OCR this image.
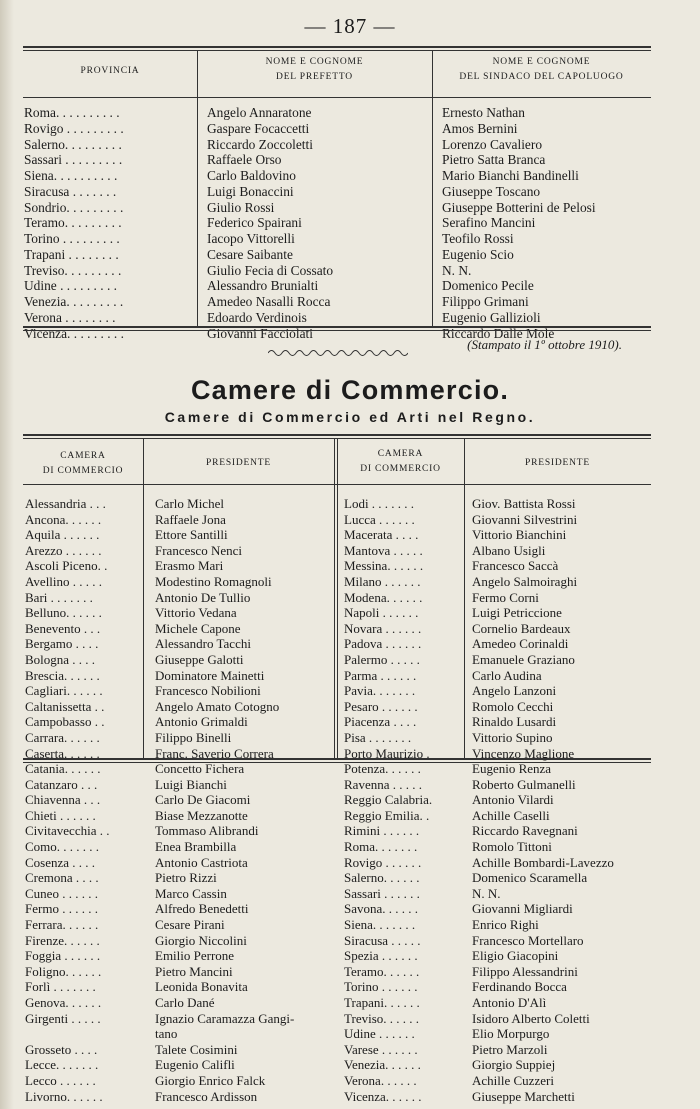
— 187 —
PROVINCIA
NOME E COGNOME
DEL PREFETTO
NOME E COGNOME
DEL SINDACO DEL CAPOLUOGO
Roma. . . . . . . . . .
Rovigo . . . . . . . . .
Salerno. . . . . . . . .
Sassari . . . . . . . . .
Siena. . . . . . . . . .
Siracusa . . . . . . .
Sondrio. . . . . . . . .
Teramo. . . . . . . . .
Torino . . . . . . . . .
Trapani . . . . . . . .
Treviso. . . . . . . . .
Udine . . . . . . . . .
Venezia. . . . . . . . .
Verona . . . . . . . .
Vicenza. . . . . . . . .
Angelo Annaratone
Gaspare Focaccetti
Riccardo Zoccoletti
Raffaele Orso
Carlo Baldovino
Luigi Bonaccini
Giulio Rossi
Federico Spairani
Iacopo Vittorelli
Cesare Saibante
Giulio Fecia di Cossato
Alessandro Brunialti
Amedeo Nasalli Rocca
Edoardo Verdinois
Giovanni Facciolati
Ernesto Nathan
Amos Bernini
Lorenzo Cavaliero
Pietro Satta Branca
Mario Bianchi Bandinelli
Giuseppe Toscano
Giuseppe Botterini de Pelosi
Serafino Mancini
Teofilo Rossi
Eugenio Scio
N. N.
Domenico Pecile
Filippo Grimani
Eugenio Gallizioli
Riccardo Dalle Mole
(Stampato il 1º ottobre 1910).
Camere di Commercio.
Camere di Commercio ed Arti nel Regno.
CAMERA
DI COMMERCIO
PRESIDENTE
CAMERA
DI COMMERCIO
PRESIDENTE
Alessandria . . .
Ancona. . . . . .
Aquila . . . . . .
Arezzo . . . . . .
Ascoli Piceno. .
Avellino . . . . .
Bari . . . . . . .
Belluno. . . . . .
Benevento . . .
Bergamo . . . .
Bologna . . . .
Brescia. . . . . .
Cagliari. . . . . .
Caltanissetta . .
Campobasso . .
Carrara. . . . . .
Caserta. . . . . .
Catania. . . . . .
Catanzaro . . .
Chiavenna . . .
Chieti . . . . . .
Civitavecchia . .
Como. . . . . . .
Cosenza . . . .
Cremona . . . .
Cuneo . . . . . .
Fermo . . . . . .
Ferrara. . . . . .
Firenze. . . . . .
Foggia . . . . . .
Foligno. . . . . .
Forlì . . . . . . .
Genova. . . . . .
Girgenti . . . . .
Grosseto . . . .
Lecce. . . . . . .
Lecco . . . . . .
Livorno. . . . . .
Carlo Michel
Raffaele Jona
Ettore Santilli
Francesco Nenci
Erasmo Mari
Modestino Romagnoli
Antonio De Tullio
Vittorio Vedana
Michele Capone
Alessandro Tacchi
Giuseppe Galotti
Dominatore Mainetti
Francesco Nobilioni
Angelo Amato Cotogno
Antonio Grimaldi
Filippo Binelli
Franc. Saverio Correra
Concetto Fichera
Luigi Bianchi
Carlo De Giacomi
Biase Mezzanotte
Tommaso Alibrandi
Enea Brambilla
Antonio Castriota
Pietro Rizzi
Marco Cassin
Alfredo Benedetti
Cesare Pirani
Giorgio Niccolini
Emilio Perrone
Pietro Mancini
Leonida Bonavita
Carlo Dané
Ignazio Caramazza Gangi-
tano
Talete Cosimini
Eugenio Califli
Giorgio Enrico Falck
Francesco Ardisson
Lodi . . . . . . .
Lucca . . . . . .
Macerata . . . .
Mantova . . . . .
Messina. . . . . .
Milano . . . . . .
Modena. . . . . .
Napoli . . . . . .
Novara . . . . . .
Padova . . . . . .
Palermo . . . . .
Parma . . . . . .
Pavia. . . . . . .
Pesaro . . . . . .
Piacenza . . . .
Pisa . . . . . . .
Porto Maurizio .
Potenza. . . . . .
Ravenna . . . . .
Reggio Calabria.
Reggio Emilia. .
Rimini . . . . . .
Roma. . . . . . .
Rovigo . . . . . .
Salerno. . . . . .
Sassari . . . . . .
Savona. . . . . .
Siena. . . . . . .
Siracusa . . . . .
Spezia . . . . . .
Teramo. . . . . .
Torino . . . . . .
Trapani. . . . . .
Treviso. . . . . .
Udine . . . . . .
Varese . . . . . .
Venezia. . . . . .
Verona. . . . . .
Vicenza. . . . . .
Giov. Battista Rossi
Giovanni Silvestrini
Vittorio Bianchini
Albano Usigli
Francesco Saccà
Angelo Salmoiraghi
Fermo Corni
Luigi Petriccione
Cornelio Bardeaux
Amedeo Corinaldi
Emanuele Graziano
Carlo Audina
Angelo Lanzoni
Romolo Cecchi
Rinaldo Lusardi
Vittorio Supino
Vincenzo Maglione
Eugenio Renza
Roberto Gulmanelli
Antonio Vilardi
Achille Caselli
Riccardo Ravegnani
Romolo Tittoni
Achille Bombardi-Lavezzo
Domenico Scaramella
N. N.
Giovanni Migliardi
Enrico Righi
Francesco Mortellaro
Eligio Giacopini
Filippo Alessandrini
Ferdinando Bocca
Antonio D'Alì
Isidoro Alberto Coletti
Elio Morpurgo
Pietro Marzoli
Giorgio Suppiej
Achille Cuzzeri
Giuseppe Marchetti
